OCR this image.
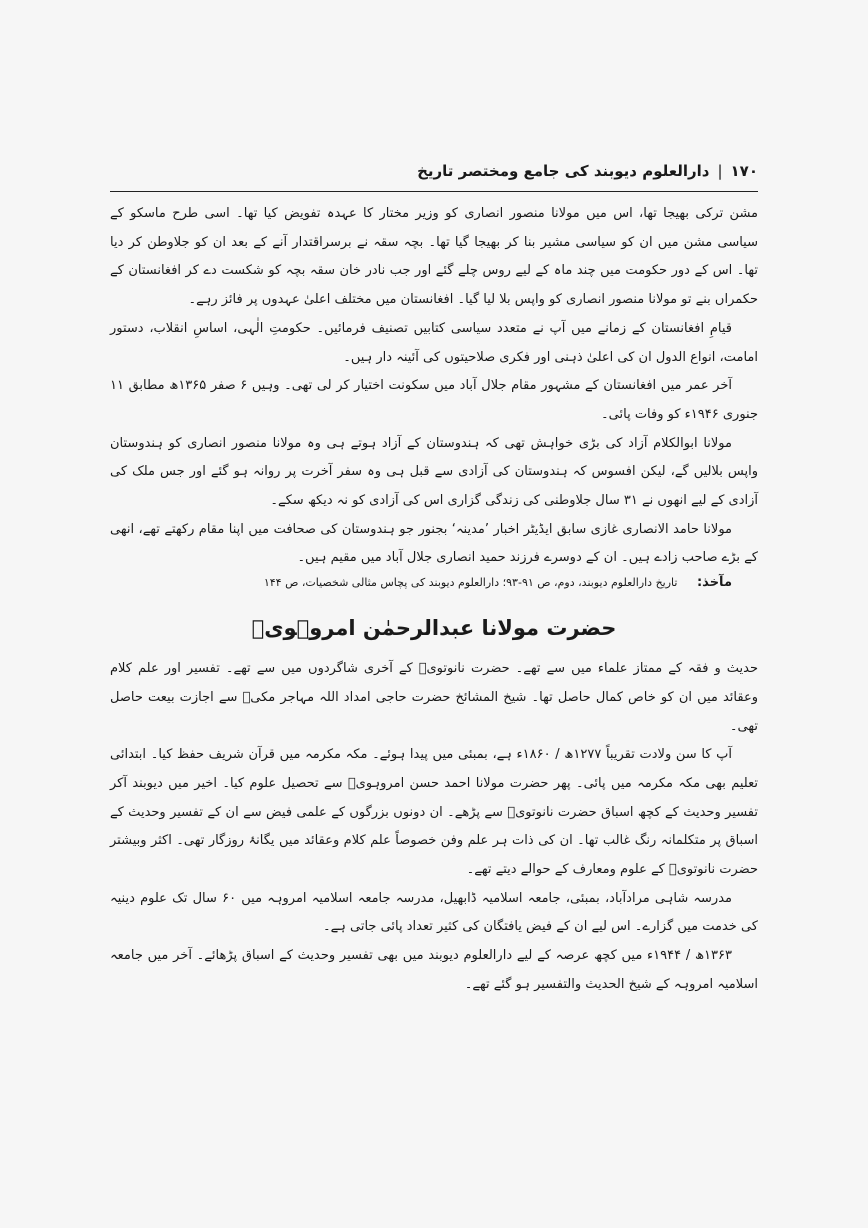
۱۷۰
|
دارالعلوم دیوبند کی جامع ومختصر تاریخ

مشن ترکی بھیجا تھا، اس میں مولانا منصور انصاری کو وزیر مختار کا عہدہ تفویض کیا تھا۔ اسی طرح ماسکو کے سیاسی مشن میں ان کو سیاسی مشیر بنا کر بھیجا گیا تھا۔ بچہ سقہ نے برسراقتدار آنے کے بعد ان کو جلاوطن کر دیا تھا۔ اس کے دور حکومت میں چند ماہ کے لیے روس چلے گئے اور جب نادر خان سقہ بچہ کو شکست دے کر افغانستان کے حکمراں بنے تو مولانا منصور انصاری کو واپس بلا لیا گیا۔ افغانستان میں مختلف اعلیٰ عہدوں پر فائز رہے۔

قیامِ افغانستان کے زمانے میں آپ نے متعدد سیاسی کتابیں تصنیف فرمائیں۔ حکومتِ الٰہی، اساسِ انقلاب، دستور امامت، انواع الدول ان کی اعلیٰ ذہنی اور فکری صلاحیتوں کی آئینہ دار ہیں۔

آخر عمر میں افغانستان کے مشہور مقام جلال آباد میں سکونت اختیار کر لی تھی۔ وہیں ۶ صفر ۱۳۶۵ھ مطابق ۱۱ جنوری ۱۹۴۶ء کو وفات پائی۔

مولانا ابوالکلام آزاد کی بڑی خواہش تھی کہ ہندوستان کے آزاد ہوتے ہی وہ مولانا منصور انصاری کو ہندوستان واپس بلالیں گے، لیکن افسوس کہ ہندوستان کی آزادی سے قبل ہی وہ سفر آخرت پر روانہ ہو گئے اور جس ملک کی آزادی کے لیے انھوں نے ۳۱ سال جلاوطنی کی زندگی گزاری اس کی آزادی کو نہ دیکھ سکے۔

مولانا حامد الانصاری غازی سابق ایڈیٹر اخبار ’مدینہ‘ بجنور جو ہندوستان کی صحافت میں اپنا مقام رکھتے تھے، انھی کے بڑے صاحب زادے ہیں۔ ان کے دوسرے فرزند حمید انصاری جلال آباد میں مقیم ہیں۔

مآخذ: تاریخ دارالعلوم دیوبند، دوم، ص ۹۱-۹۳؛ دارالعلوم دیوبند کی پچاس مثالی شخصیات، ص ۱۴۴

حضرت مولانا عبدالرحمٰن امروہویؒ

حدیث و فقہ کے ممتاز علماء میں سے تھے۔ حضرت نانوتویؒ کے آخری شاگردوں میں سے تھے۔ تفسیر اور علم کلام وعقائد میں ان کو خاص کمال حاصل تھا۔ شیخ المشائخ حضرت حاجی امداد اللہ مہاجر مکیؒ سے اجازت بیعت حاصل تھی۔

آپ کا سن ولادت تقریباً ۱۲۷۷ھ / ۱۸۶۰ء ہے، بمبئی میں پیدا ہوئے۔ مکہ مکرمہ میں قرآن شریف حفظ کیا۔ ابتدائی تعلیم بھی مکہ مکرمہ میں پائی۔ پھر حضرت مولانا احمد حسن امروہویؒ سے تحصیل علوم کیا۔ اخیر میں دیوبند آکر تفسیر وحدیث کے کچھ اسباق حضرت نانوتویؒ سے پڑھے۔ ان دونوں بزرگوں کے علمی فیض سے ان کے تفسیر وحدیث کے اسباق پر متکلمانہ رنگ غالب تھا۔ ان کی ذات ہر علم وفن خصوصاً علم کلام وعقائد میں یگانۂ روزگار تھی۔ اکثر وبیشتر حضرت نانوتویؒ کے علوم ومعارف کے حوالے دیتے تھے۔

مدرسہ شاہی مرادآباد، بمبئی، جامعہ اسلامیہ ڈابھیل، مدرسہ جامعہ اسلامیہ امروہہ میں ۶۰ سال تک علوم دینیہ کی خدمت میں گزارے۔ اس لیے ان کے فیض یافتگان کی کثیر تعداد پائی جاتی ہے۔

۱۳۶۳ھ / ۱۹۴۴ء میں کچھ عرصہ کے لیے دارالعلوم دیوبند میں بھی تفسیر وحدیث کے اسباق پڑھائے۔ آخر میں جامعہ اسلامیہ امروہہ کے شیخ الحدیث والتفسیر ہو گئے تھے۔
